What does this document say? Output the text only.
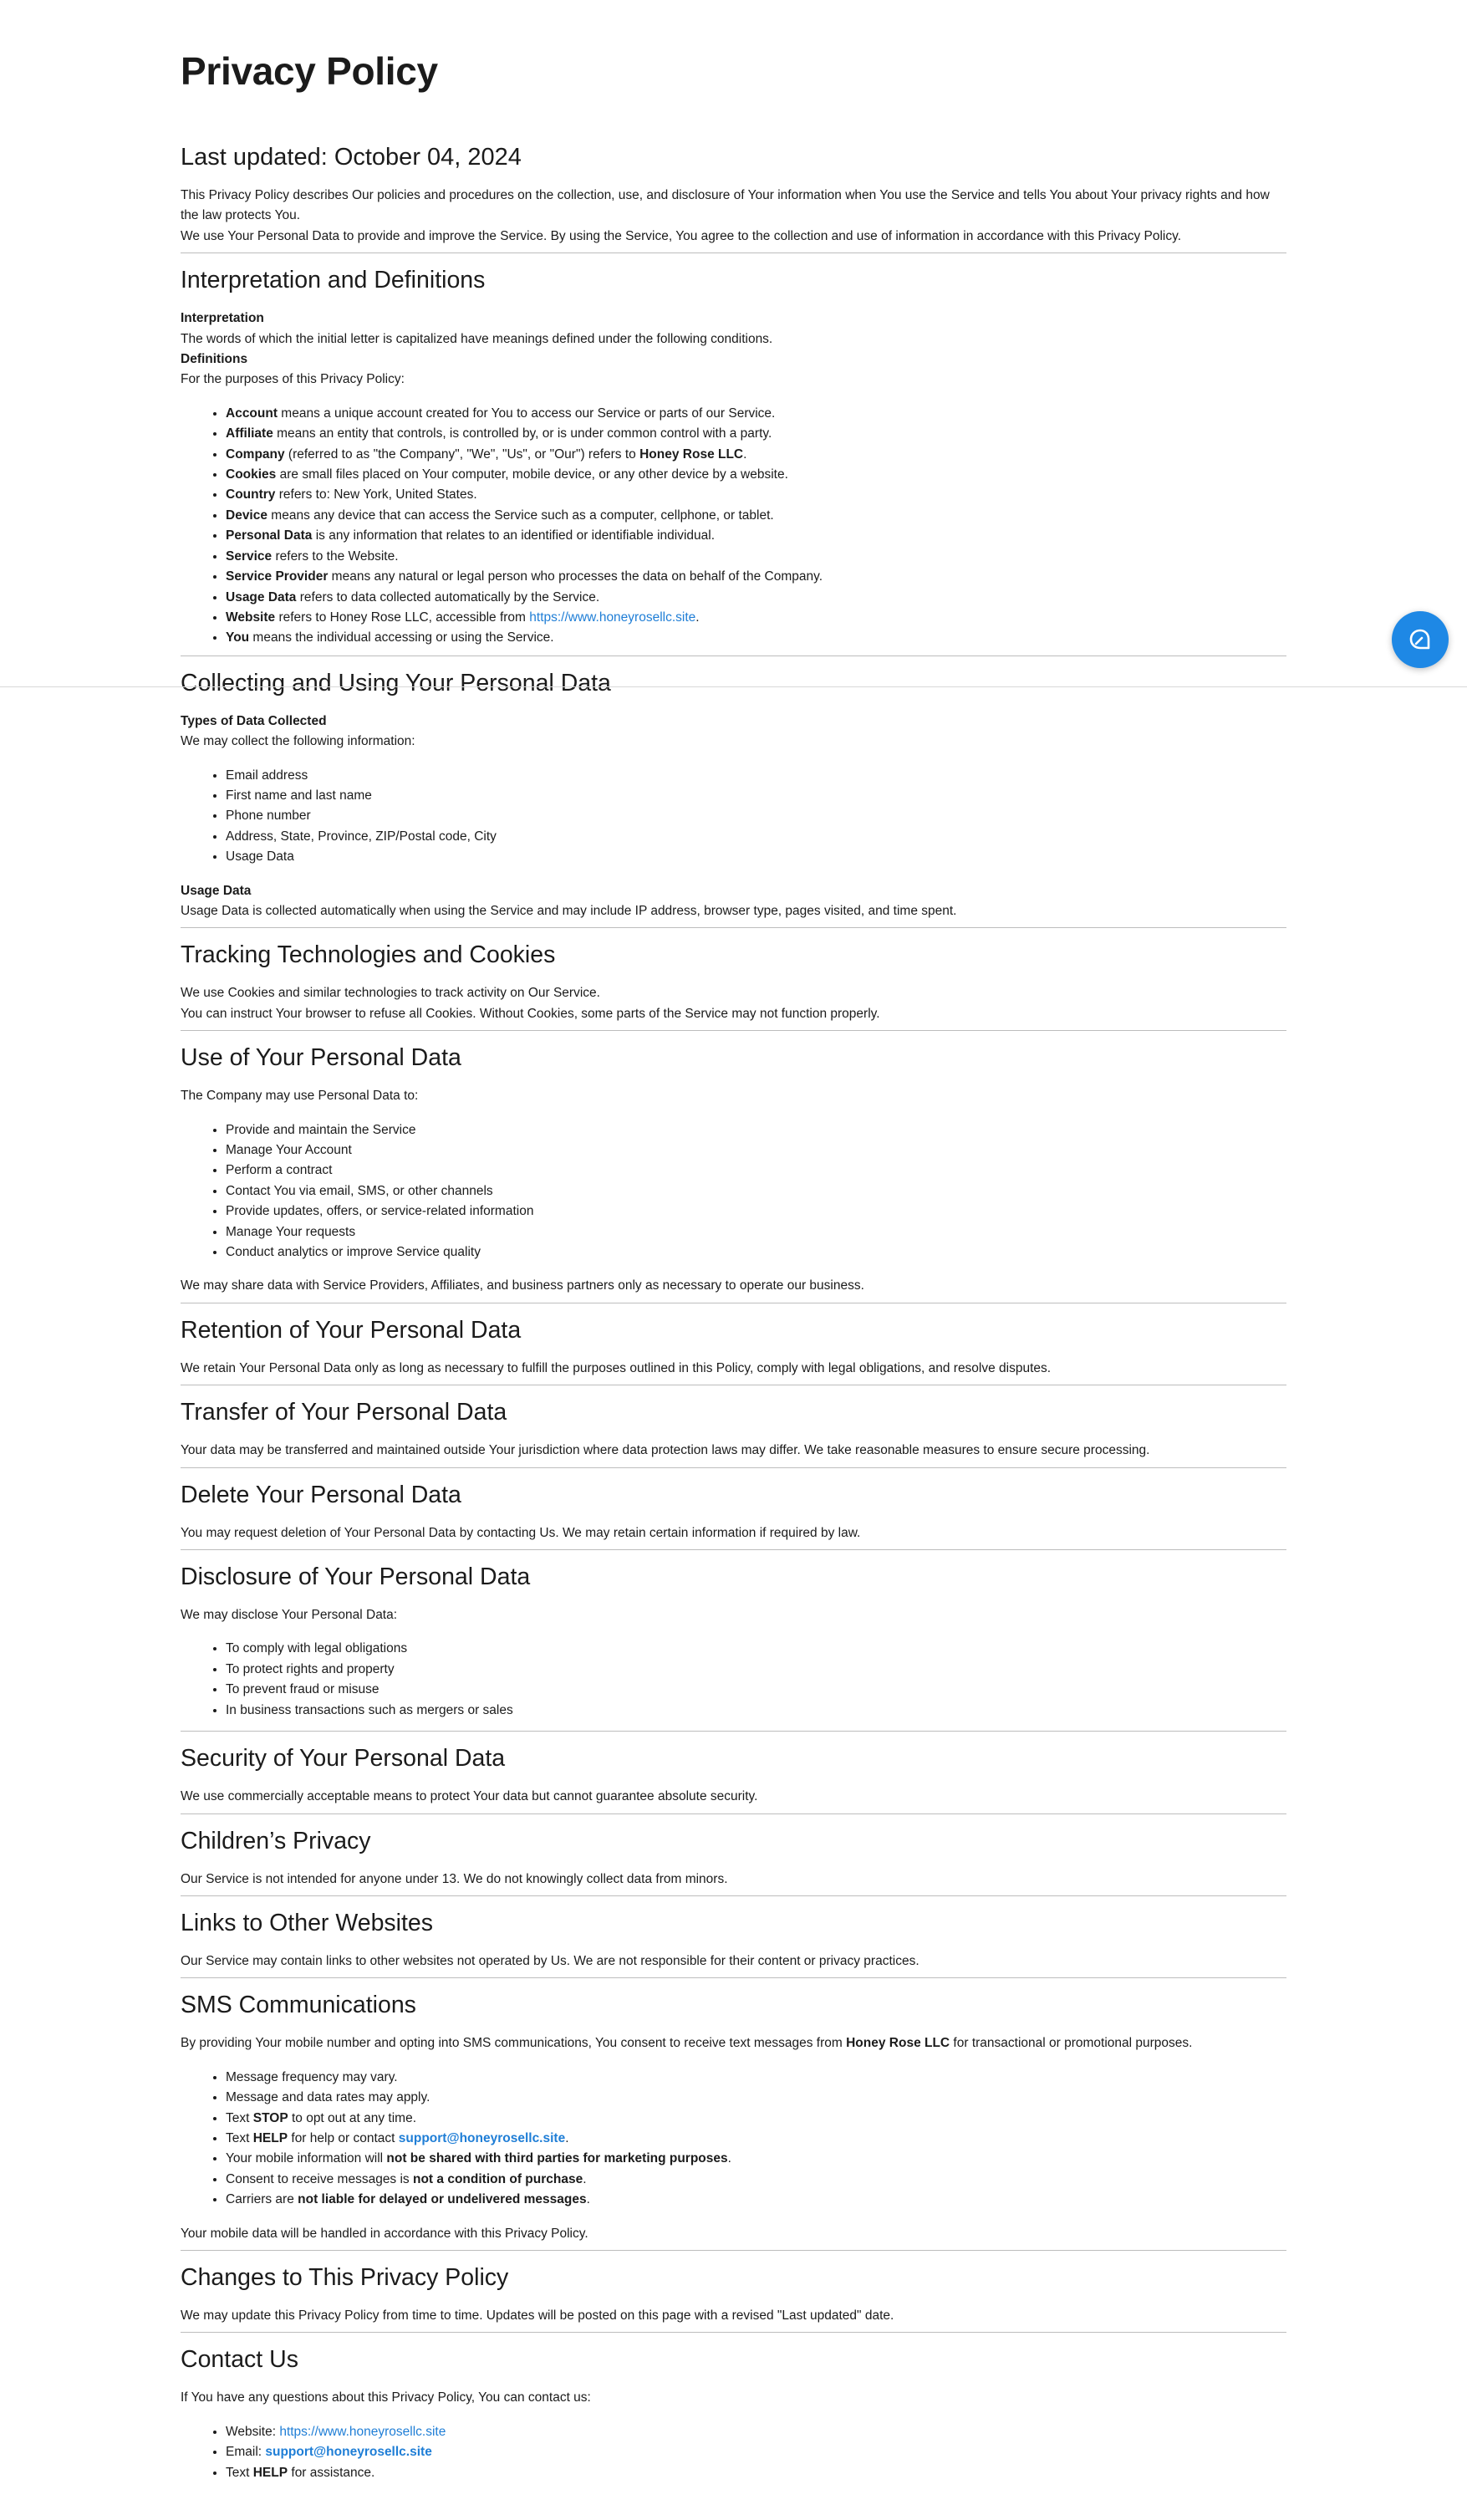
Privacy Policy
Last updated: October 04, 2024

This Privacy Policy describes Our policies and procedures on the collection, use, and disclosure of Your information when You use the Service and tells You about Your privacy rights and how the law protects You.

We use Your Personal Data to provide and improve the Service. By using the Service, You agree to the collection and use of information in accordance with this Privacy Policy.

Interpretation and Definitions
Interpretation

The words of which the initial letter is capitalized have meanings defined under the following conditions.

Definitions

For the purposes of this Privacy Policy:

• Account means a unique account created for You to access our Service or parts of our Service.
• Affiliate means an entity that controls, is controlled by, or is under common control with a party.
• Company (referred to as "the Company", "We", "Us", or "Our") refers to Honey Rose LLC.
• Cookies are small files placed on Your computer, mobile device, or any other device by a website.
• Country refers to: New York, United States.
• Device means any device that can access the Service such as a computer, cellphone, or tablet.
• Personal Data is any information that relates to an identified or identifiable individual.
• Service refers to the Website.
• Service Provider means any natural or legal person who processes the data on behalf of the Company.
• Usage Data refers to data collected automatically by the Service.
• Website refers to Honey Rose LLC, accessible from https://www.honeyrosellc.site.
• You means the individual accessing or using the Service.
Collecting and Using Your Personal Data
Types of Data Collected

We may collect the following information:

• Email address
• First name and last name
• Phone number
• Address, State, Province, ZIP/Postal code, City
• Usage Data
Usage Data

Usage Data is collected automatically when using the Service and may include IP address, browser type, pages visited, and time spent.

Tracking Technologies and Cookies

We use Cookies and similar technologies to track activity on Our Service.

You can instruct Your browser to refuse all Cookies. Without Cookies, some parts of the Service may not function properly.

Use of Your Personal Data

The Company may use Personal Data to:

• Provide and maintain the Service
• Manage Your Account
• Perform a contract
• Contact You via email, SMS, or other channels
• Provide updates, offers, or service-related information
• Manage Your requests
• Conduct analytics or improve Service quality

We may share data with Service Providers, Affiliates, and business partners only as necessary to operate our business.

Retention of Your Personal Data

We retain Your Personal Data only as long as necessary to fulfill the purposes outlined in this Policy, comply with legal obligations, and resolve disputes.

Transfer of Your Personal Data

Your data may be transferred and maintained outside Your jurisdiction where data protection laws may differ. We take reasonable measures to ensure secure processing.

Delete Your Personal Data

You may request deletion of Your Personal Data by contacting Us. We may retain certain information if required by law.

Disclosure of Your Personal Data

We may disclose Your Personal Data:

• To comply with legal obligations
• To protect rights and property
• To prevent fraud or misuse
• In business transactions such as mergers or sales
Security of Your Personal Data

We use commercially acceptable means to protect Your data but cannot guarantee absolute security.

Children’s Privacy

Our Service is not intended for anyone under 13. We do not knowingly collect data from minors.

Links to Other Websites

Our Service may contain links to other websites not operated by Us. We are not responsible for their content or privacy practices.

SMS Communications

By providing Your mobile number and opting into SMS communications, You consent to receive text messages from Honey Rose LLC for transactional or promotional purposes.

• Message frequency may vary.
• Message and data rates may apply.
• Text STOP to opt out at any time.
• Text HELP for help or contact support@honeyrosellc.site.
• Your mobile information will not be shared with third parties for marketing purposes.
• Consent to receive messages is not a condition of purchase.
• Carriers are not liable for delayed or undelivered messages.

Your mobile data will be handled in accordance with this Privacy Policy.

Changes to This Privacy Policy

We may update this Privacy Policy from time to time. Updates will be posted on this page with a revised "Last updated" date.

Contact Us

If You have any questions about this Privacy Policy, You can contact us:

• Website: https://www.honeyrosellc.site
• Email: support@honeyrosellc.site
• Text HELP for assistance.
